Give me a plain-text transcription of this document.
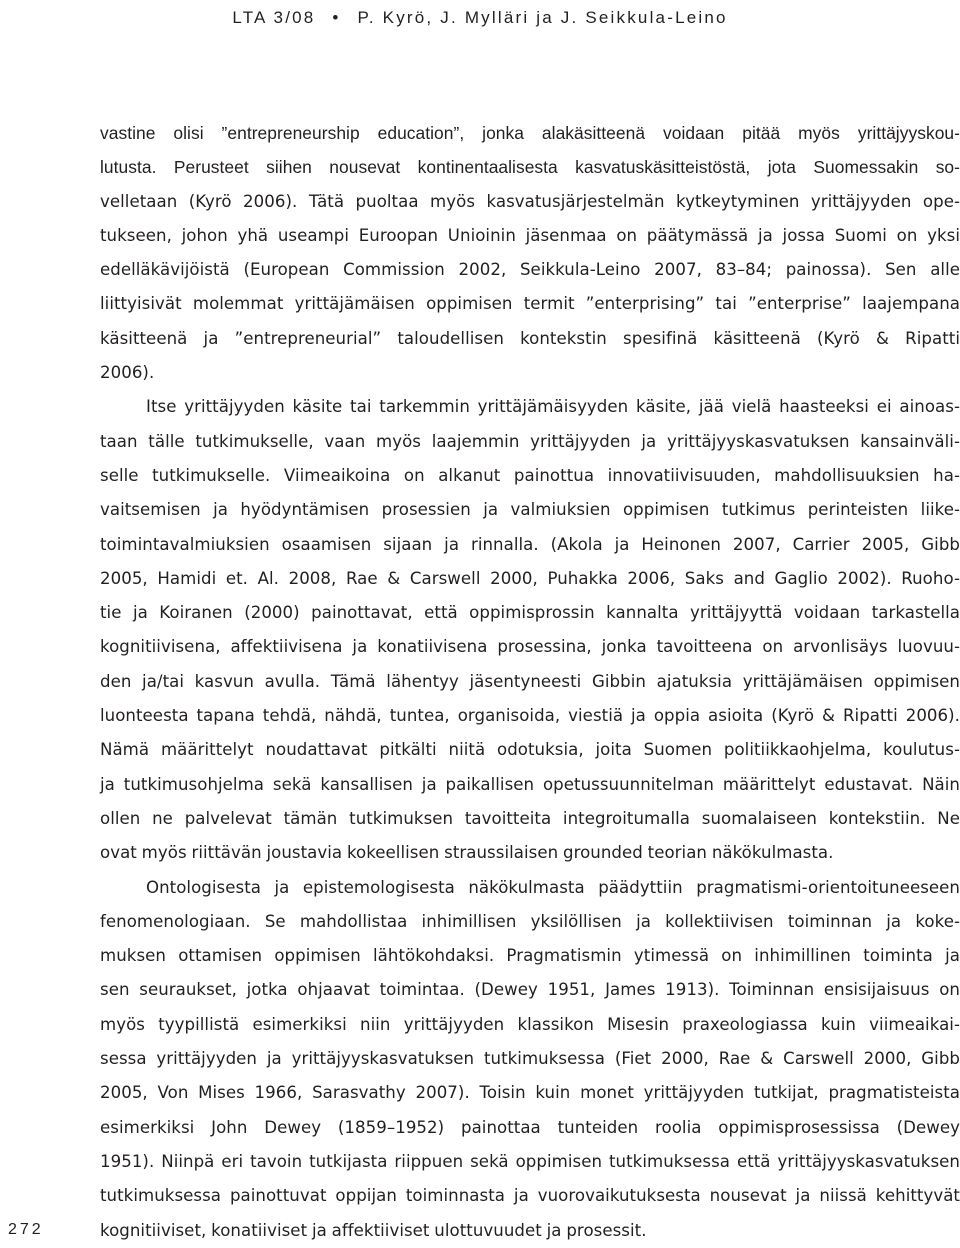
LTA 3/08 • P. Kyrö, J. Mylläri ja J. Seikkula-Leino
vastine olisi ”entrepreneurship education”, jonka alakäsitteenä voidaan pitää myös yrittäjyyskou-
lutusta. Perusteet siihen nousevat kontinentaalisesta kasvatuskäsitteistöstä, jota Suomessakin so-
velletaan (Kyrö 2006). Tätä puoltaa myös kasvatusjärjestelmän kytkeytyminen yrittäjyyden ope-
tukseen, johon yhä useampi Euroopan Unioinin jäsenmaa on päätymässä ja jossa Suomi on yksi
edelläkävijöistä (European Commission 2002, Seikkula-Leino 2007, 83–84; painossa). Sen alle
liittyisivät molemmat yrittäjämäisen oppimisen termit ”enterprising” tai ”enterprise” laajempana
käsitteenä ja ”entrepreneurial” taloudellisen kontekstin spesifinä käsitteenä (Kyrö & Ripatti
2006).
Itse yrittäjyyden käsite tai tarkemmin yrittäjämäisyyden käsite, jää vielä haasteeksi ei ainoas-
taan tälle tutkimukselle, vaan myös laajemmin yrittäjyyden ja yrittäjyyskasvatuksen kansainväli-
selle tutkimukselle. Viimeaikoina on alkanut painottua innovatiivisuuden, mahdollisuuksien ha-
vaitsemisen ja hyödyntämisen prosessien ja valmiuksien oppimisen tutkimus perinteisten liike-
toimintavalmiuksien osaamisen sijaan ja rinnalla. (Akola ja Heinonen 2007, Carrier 2005, Gibb
2005, Hamidi et. Al. 2008, Rae & Carswell 2000, Puhakka 2006, Saks and Gaglio 2002). Ruoho-
tie ja Koiranen (2000) painottavat, että oppimisprossin kannalta yrittäjyyttä voidaan tarkastella
kognitiivisena, affektiivisena ja konatiivisena prosessina, jonka tavoitteena on arvonlisäys luovuu-
den ja/tai kasvun avulla. Tämä lähentyy jäsentyneesti Gibbin ajatuksia yrittäjämäisen oppimisen
luonteesta tapana tehdä, nähdä, tuntea, organisoida, viestiä ja oppia asioita (Kyrö & Ripatti 2006).
Nämä määrittelyt noudattavat pitkälti niitä odotuksia, joita Suomen politiikkaohjelma, koulutus-
ja tutkimusohjelma sekä kansallisen ja paikallisen opetussuunnitelman määrittelyt edustavat. Näin
ollen ne palvelevat tämän tutkimuksen tavoitteita integroitumalla suomalaiseen kontekstiin. Ne
ovat myös riittävän joustavia kokeellisen straussilaisen grounded teorian näkökulmasta.
Ontologisesta ja epistemologisesta näkökulmasta päädyttiin pragmatismi-orientoituneeseen
fenomenologiaan. Se mahdollistaa inhimillisen yksilöllisen ja kollektiivisen toiminnan ja koke-
muksen ottamisen oppimisen lähtökohdaksi. Pragmatismin ytimessä on inhimillinen toiminta ja
sen seuraukset, jotka ohjaavat toimintaa. (Dewey 1951, James 1913). Toiminnan ensisijaisuus on
myös tyypillistä esimerkiksi niin yrittäjyyden klassikon Misesin praxeologiassa kuin viimeaikai-
sessa yrittäjyyden ja yrittäjyyskasvatuksen tutkimuksessa (Fiet 2000, Rae & Carswell 2000, Gibb
2005, Von Mises 1966, Sarasvathy 2007). Toisin kuin monet yrittäjyyden tutkijat, pragmatisteista
esimerkiksi John Dewey (1859–1952) painottaa tunteiden roolia oppimisprosessissa (Dewey
1951). Niinpä eri tavoin tutkijasta riippuen sekä oppimisen tutkimuksessa että yrittäjyyskasvatuksen
tutkimuksessa painottuvat oppijan toiminnasta ja vuorovaikutuksesta nousevat ja niissä kehittyvät
kognitiiviset, konatiiviset ja affektiiviset ulottuvuudet ja prosessit.
272
